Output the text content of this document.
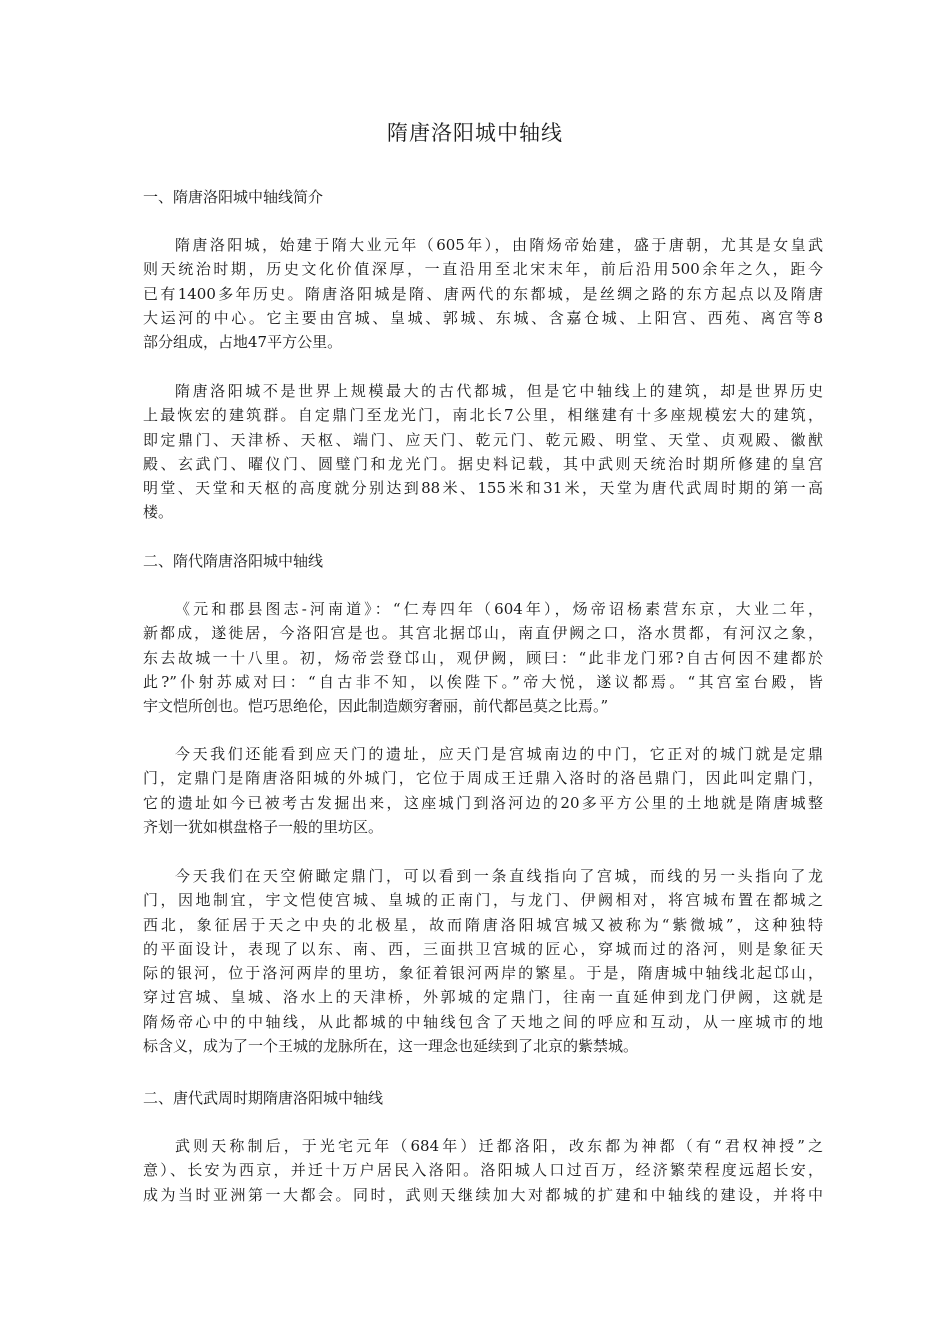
隋唐洛阳城中轴线
一、隋唐洛阳城中轴线简介
隋唐洛阳城，始建于隋大业元年（605年），由隋炀帝始建，盛于唐朝，尤其是女皇武
则天统治时期，历史文化价值深厚，一直沿用至北宋末年，前后沿用500余年之久，距今
已有1400多年历史。隋唐洛阳城是隋、唐两代的东都城，是丝绸之路的东方起点以及隋唐
大运河的中心。它主要由宫城、皇城、郭城、东城、含嘉仓城、上阳宫、西苑、离宫等8
部分组成，占地47平方公里。
隋唐洛阳城不是世界上规模最大的古代都城，但是它中轴线上的建筑，却是世界历史
上最恢宏的建筑群。自定鼎门至龙光门，南北长7公里，相继建有十多座规模宏大的建筑，
即定鼎门、天津桥、天枢、端门、应天门、乾元门、乾元殿、明堂、天堂、贞观殿、徽猷
殿、玄武门、曜仪门、圆璧门和龙光门。据史料记载，其中武则天统治时期所修建的皇宫
明堂、天堂和天枢的高度就分别达到88米、155米和31米，天堂为唐代武周时期的第一高
楼。
二、隋代隋唐洛阳城中轴线
《元和郡县图志-河南道》：“仁寿四年（604年），炀帝诏杨素营东京，大业二年，
新都成，遂徙居，今洛阳宫是也。其宫北据邙山，南直伊阙之口，洛水贯都，有河汉之象，
东去故城一十八里。初，炀帝尝登邙山，观伊阙，顾曰：“此非龙门邪?自古何因不建都於
此?”仆射苏威对曰：“自古非不知，以俟陛下。”帝大悦，遂议都焉。“其宫室台殿，皆
宇文恺所创也。恺巧思绝伦，因此制造颇穷奢丽，前代都邑莫之比焉。”
今天我们还能看到应天门的遗址，应天门是宫城南边的中门，它正对的城门就是定鼎
门，定鼎门是隋唐洛阳城的外城门，它位于周成王迁鼎入洛时的洛邑鼎门，因此叫定鼎门，
它的遗址如今已被考古发掘出来，这座城门到洛河边的20多平方公里的土地就是隋唐城整
齐划一犹如棋盘格子一般的里坊区。
今天我们在天空俯瞰定鼎门，可以看到一条直线指向了宫城，而线的另一头指向了龙
门，因地制宜，宇文恺使宫城、皇城的正南门，与龙门、伊阙相对，将宫城布置在都城之
西北，象征居于天之中央的北极星，故而隋唐洛阳城宫城又被称为“紫微城”，这种独特
的平面设计，表现了以东、南、西，三面拱卫宫城的匠心，穿城而过的洛河，则是象征天
际的银河，位于洛河两岸的里坊，象征着银河两岸的繁星。于是，隋唐城中轴线北起邙山，
穿过宫城、皇城、洛水上的天津桥，外郭城的定鼎门，往南一直延伸到龙门伊阙，这就是
隋炀帝心中的中轴线，从此都城的中轴线包含了天地之间的呼应和互动，从一座城市的地
标含义，成为了一个王城的龙脉所在，这一理念也延续到了北京的紫禁城。
二、唐代武周时期隋唐洛阳城中轴线
武则天称制后，于光宅元年（684年）迁都洛阳，改东都为神都（有“君权神授”之
意）、长安为西京，并迁十万户居民入洛阳。洛阳城人口过百万，经济繁荣程度远超长安，
成为当时亚洲第一大都会。同时，武则天继续加大对都城的扩建和中轴线的建设，并将中
